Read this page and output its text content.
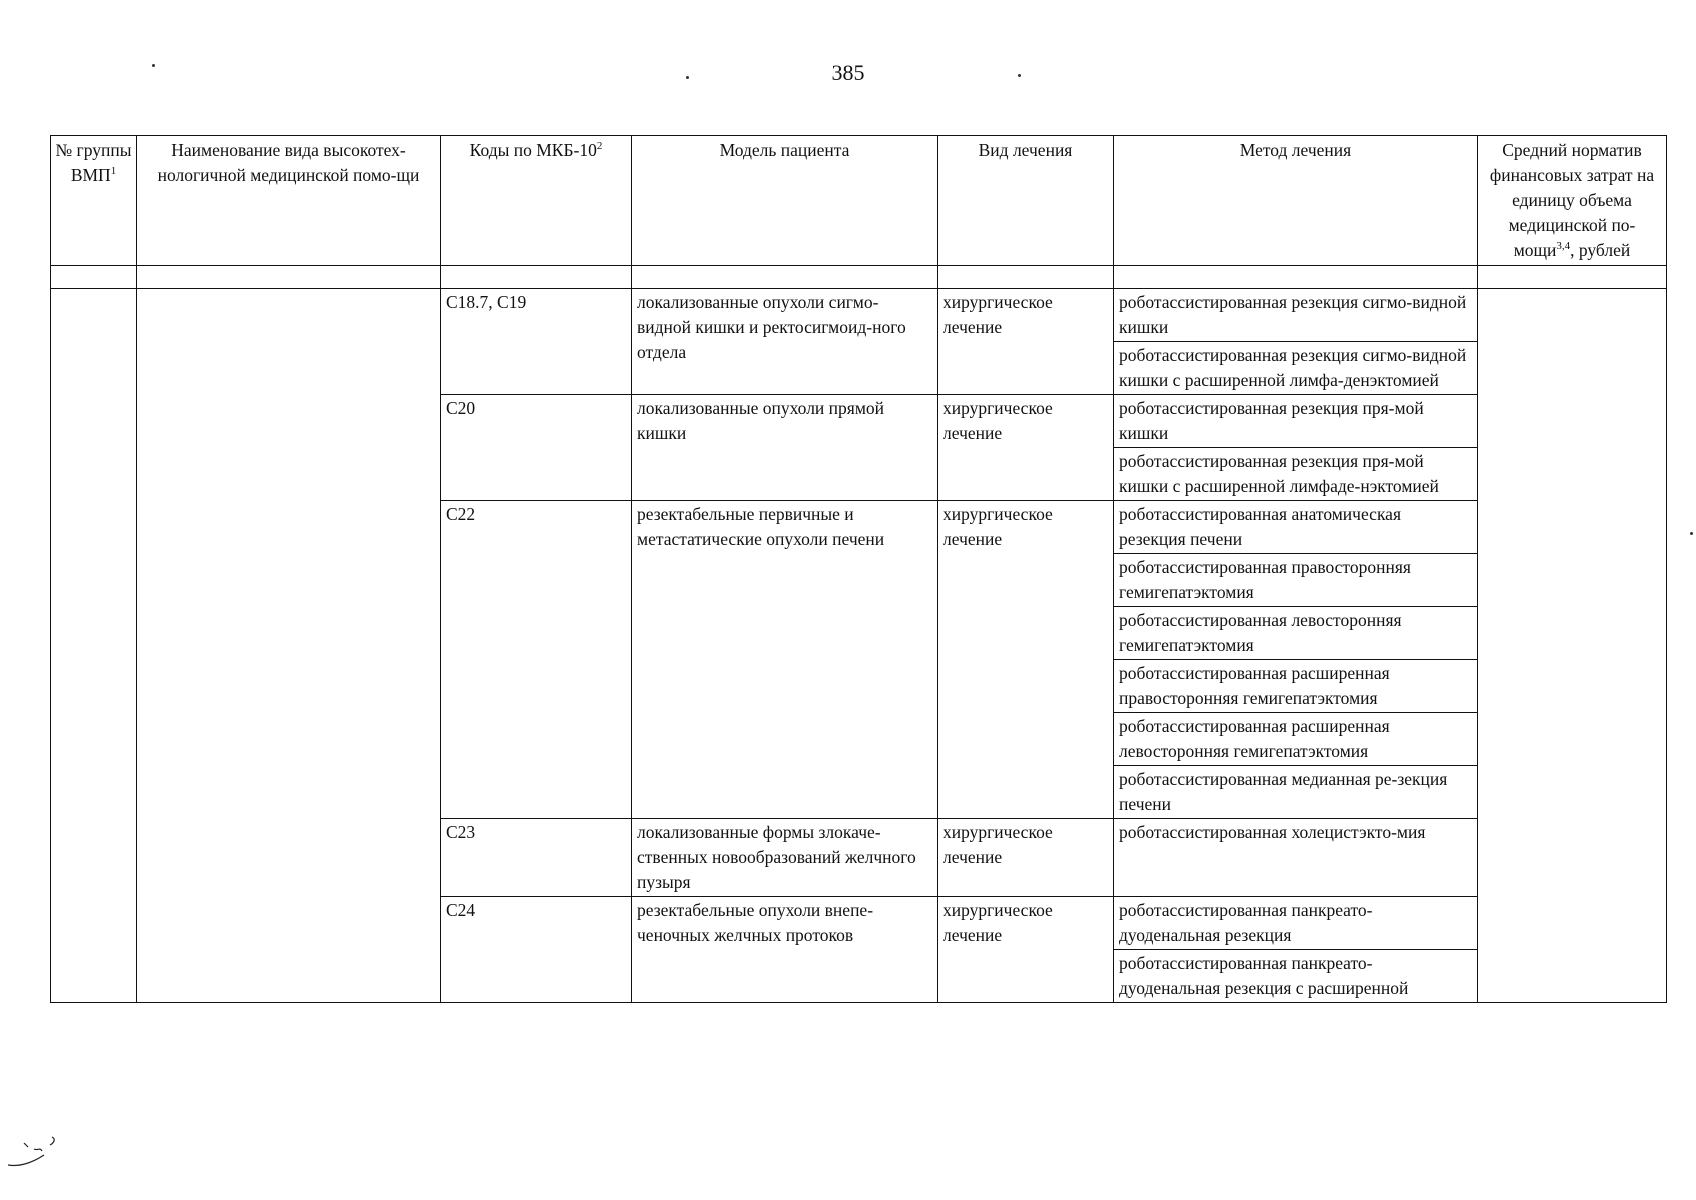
385
№ группы ВМП$^1$	Наименование вида высокотех-нологичной медицинской помо-щи	Коды по МКБ-$10^2$	Модель пациента	Вид лечения	Метод лечения	Средний норматив финансовых затрат на единицу объема медицинской по-мощи$^{3,4}$, рублей

		C18.7, C19	локализованные опухоли сигмо-видной кишки и ректосигмоид-ного отдела	хирургическое лечение	роботассистированная резекция сигмо-видной кишки	
					роботассистированная резекция сигмо-видной кишки с расширенной лимфа-денэктомией	
		C20	локализованные опухоли прямой кишки	хирургическое лечение	роботассистированная резекция пря-мой кишки	
					роботассистированная резекция пря-мой кишки с расширенной лимфаде-нэктомией	
		C22	резектабельные первичные и метастатические опухоли печени	хирургическое лечение	роботассистированная анатомическая резекция печени	
					роботассистированная правосторонняя гемигепатэктомия	
					роботассистированная левосторонняя гемигепатэктомия	
					роботассистированная расширенная правосторонняя гемигепатэктомия	
					роботассистированная расширенная левосторонняя гемигепатэктомия	
					роботассистированная медианная ре-зекция печени	
		C23	локализованные формы злокаче-ственных новообразований желчного пузыря	хирургическое лечение	роботассистированная холецистэкто-мия	
		C24	резектабельные опухоли внепе-ченочных желчных протоков	хирургическое лечение	роботассистированная панкреато-дуоденальная резекция	
					роботассистированная панкреато-дуоденальная резекция с расширенной	
